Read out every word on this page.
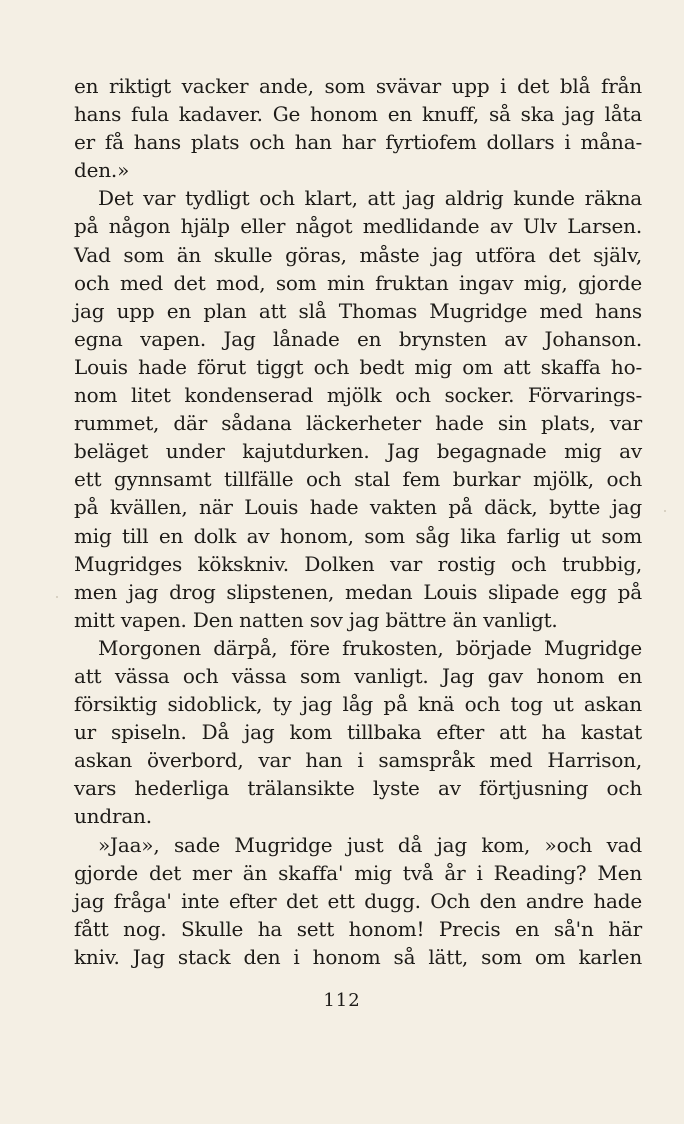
en riktigt vacker ande, som svävar upp i det blå från
hans fula kadaver. Ge honom en knuff, så ska jag låta
er få hans plats och han har fyrtiofem dollars i måna-
den.»
Det var tydligt och klart, att jag aldrig kunde räkna
på någon hjälp eller något medlidande av Ulv Larsen.
Vad som än skulle göras, måste jag utföra det själv,
och med det mod, som min fruktan ingav mig, gjorde
jag upp en plan att slå Thomas Mugridge med hans
egna vapen. Jag lånade en brynsten av Johanson.
Louis hade förut tiggt och bedt mig om att skaffa ho-
nom litet kondenserad mjölk och socker. Förvarings-
rummet, där sådana läckerheter hade sin plats, var
beläget under kajutdurken. Jag begagnade mig av
ett gynnsamt tillfälle och stal fem burkar mjölk, och
på kvällen, när Louis hade vakten på däck, bytte jag
mig till en dolk av honom, som såg lika farlig ut som
Mugridges kökskniv. Dolken var rostig och trubbig,
men jag drog slipstenen, medan Louis slipade egg på
mitt vapen. Den natten sov jag bättre än vanligt.
Morgonen därpå, före frukosten, började Mugridge
att vässa och vässa som vanligt. Jag gav honom en
försiktig sidoblick, ty jag låg på knä och tog ut askan
ur spiseln. Då jag kom tillbaka efter att ha kastat
askan överbord, var han i samspråk med Harrison,
vars hederliga trälansikte lyste av förtjusning och
undran.
»Jaa», sade Mugridge just då jag kom, »och vad
gjorde det mer än skaffa' mig två år i Reading? Men
jag fråga' inte efter det ett dugg. Och den andre hade
fått nog. Skulle ha sett honom! Precis en så'n här
kniv. Jag stack den i honom så lätt, som om karlen
112
